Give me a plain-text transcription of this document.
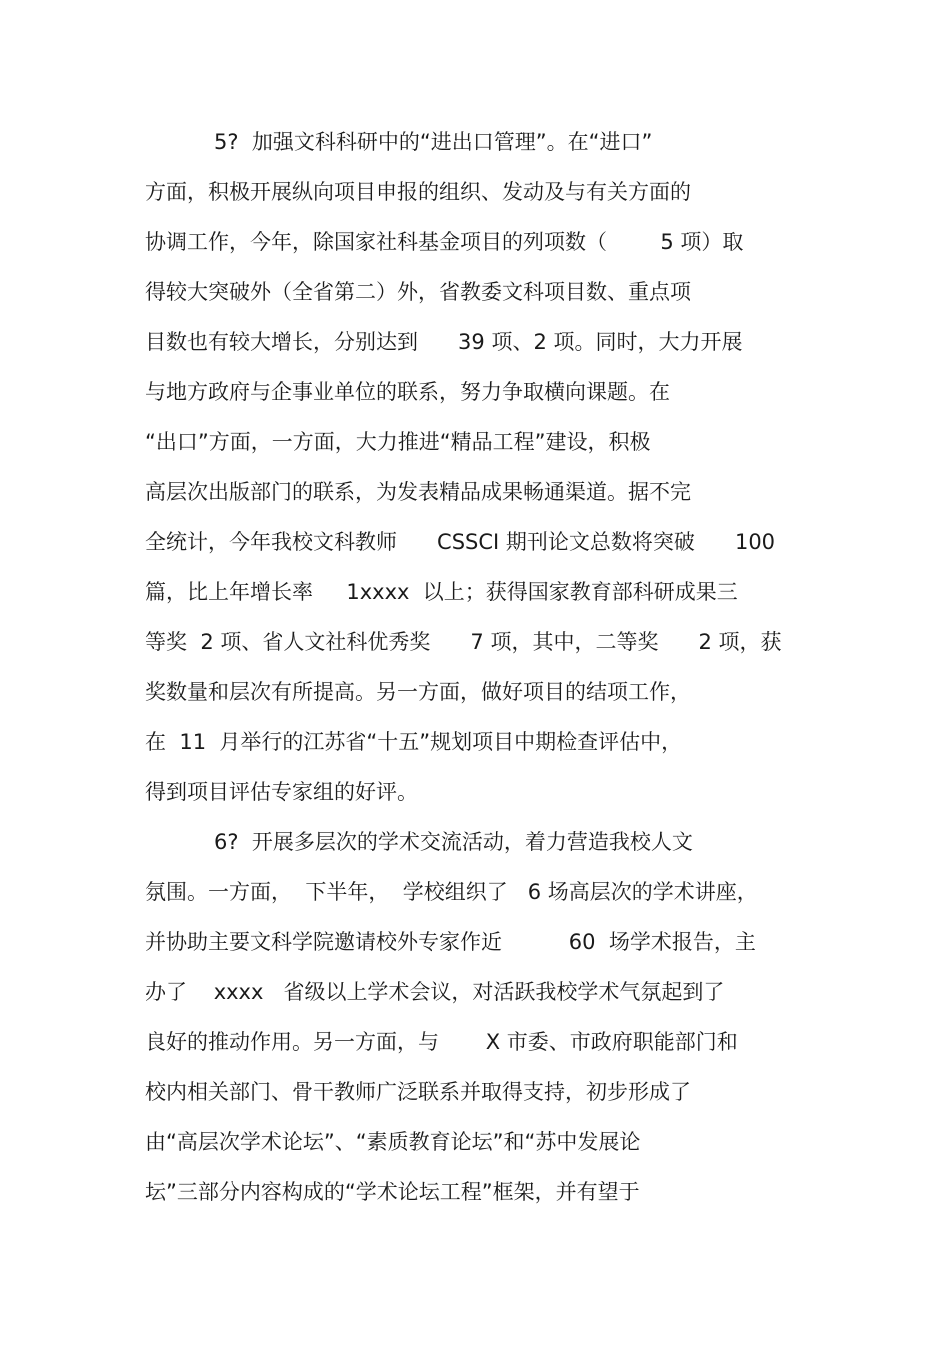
5?  加强文科科研中的“进出口管理”。在“进口”
方面，积极开展纵向项目申报的组织、发动及与有关方面的
协调工作，今年，除国家社科基金项目的列项数（        5 项）取
得较大突破外（全省第二）外，省教委文科项目数、重点项
目数也有较大增长，分别达到      39 项、2 项。同时，大力开展
与地方政府与企事业单位的联系，努力争取横向课题。在
“出口”方面，一方面，大力推进“精品工程”建设，积极
高层次出版部门的联系，为发表精品成果畅通渠道。据不完
全统计，今年我校文科教师      CSSCI 期刊论文总数将突破      100
篇，比上年增长率     1xxxx  以上；获得国家教育部科研成果三
等奖  2 项、省人文社科优秀奖      7 项，其中，二等奖      2 项，获
奖数量和层次有所提高。另一方面，做好项目的结项工作，
在  11  月举行的江苏省“十五”规划项目中期检查评估中，
得到项目评估专家组的好评。
6?  开展多层次的学术交流活动，着力营造我校人文
氛围。一方面，  下半年，  学校组织了   6 场高层次的学术讲座，
并协助主要文科学院邀请校外专家作近          60  场学术报告，主
办了    xxxx   省级以上学术会议，对活跃我校学术气氛起到了
良好的推动作用。另一方面，与       X 市委、市政府职能部门和
校内相关部门、骨干教师广泛联系并取得支持，初步形成了
由“高层次学术论坛”、“素质教育论坛”和“苏中发展论
坛”三部分内容构成的“学术论坛工程”框架，并有望于
